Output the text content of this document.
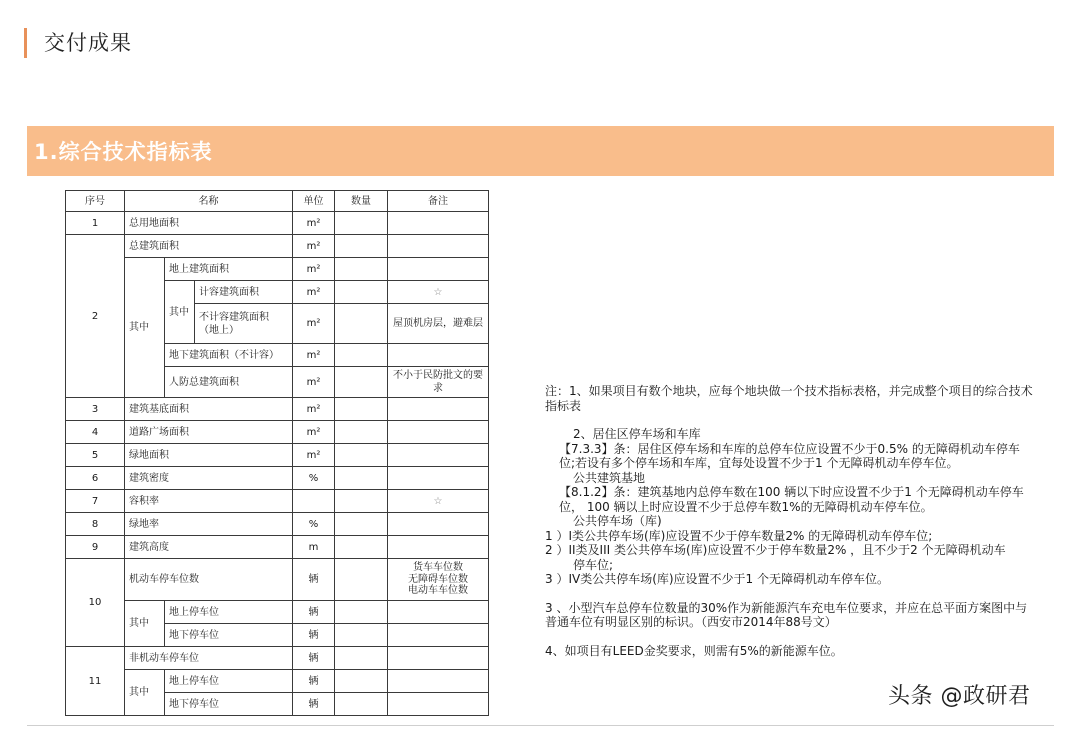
交付成果
1.综合技术指标表
序号	名称			单位	数量	备注
1	总用地面积			m²		
2	总建筑面积			m²		
	其中	地上建筑面积		m²		
		其中	计容建筑面积	m²		☆
			不计容建筑面积（地上）	m²		屋顶机房层，避难层
		地下建筑面积（不计容）		m²		
		人防总建筑面积		m²		不小于民防批文的要求

3	建筑基底面积			m²		
4	道路广场面积			m²		
5	绿地面积			m²		
6	建筑密度			%		
7	容积率					☆
8	绿地率			%		
9	建筑高度			m		
10	机动车停车位数			辆		货车车位数
无障碍车位数
电动车车位数

	其中	地上停车位		辆		
		地下停车位		辆		
11	非机动车停车位			辆		
	其中	地上停车位		辆		
		地下停车位		辆		

注：1、如果项目有数个地块，应每个地块做一个技术指标表格，并完成整个项目的综合技术指标表

2、居住区停车场和车库

【7.3.3】条：居住区停车场和车库的总停车位应设置不少于0.5% 的无障碍机动车停车位;若设有多个停车场和车库，宜每处设置不少于1 个无障碍机动车停车位。

公共建筑基地

【8.1.2】条：建筑基地内总停车数在100 辆以下时应设置不少于1 个无障碍机动车停车位， 100 辆以上时应设置不少于总停车数1%的无障碍机动车停车位。

公共停车场（库)

1 ）I类公共停车场(库)应设置不少于停车数量2% 的无障碍机动车停车位;

2 ）II类及III 类公共停车场(库)应设置不少于停车数量2% ，且不少于2 个无障碍机动车

停车位;

3 ）IV类公共停车场(库)应设置不少于1 个无障碍机动车停车位。

3 、小型汽车总停车位数量的30%作为新能源汽车充电车位要求，并应在总平面方案图中与普通车位有明显区别的标识。（西安市2014年88号文）

4、如项目有LEED金奖要求，则需有5%的新能源车位。

头条 @政研君
